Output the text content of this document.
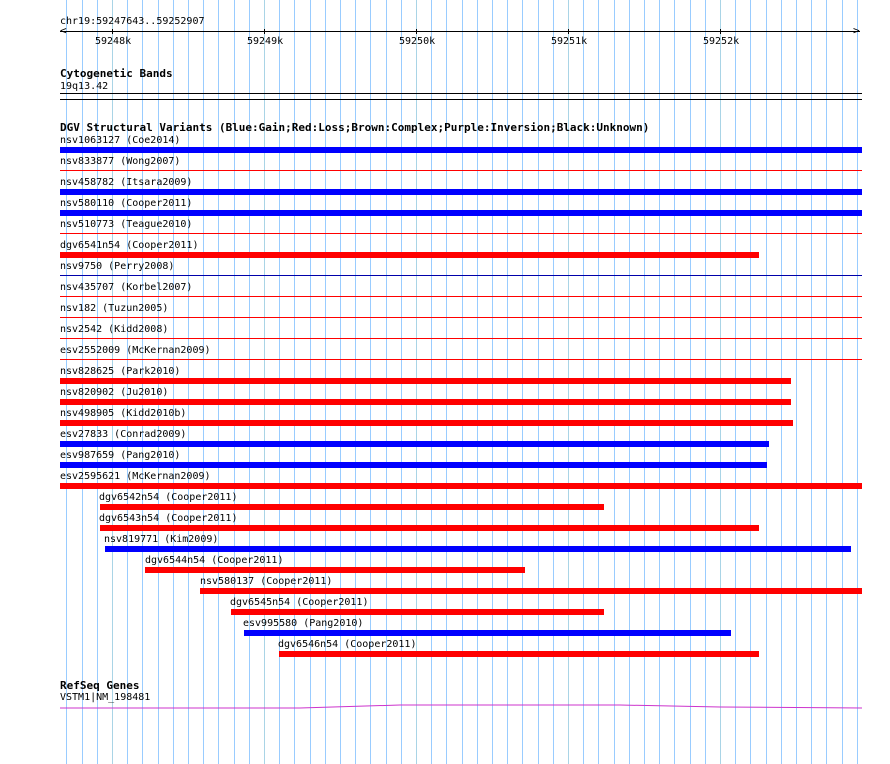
chr19:59247643..59252907
<	>
59248k	59249k	59250k	59251k	59252k
Cytogenetic Bands
19q13.42
DGV Structural Variants (Blue:Gain;Red:Loss;Brown:Complex;Purple:Inversion;Black:Unknown)
nsv1063127 (Coe2014)
nsv833877 (Wong2007)
nsv458782 (Itsara2009)
nsv580110 (Cooper2011)
nsv510773 (Teague2010)
dgv6541n54 (Cooper2011)
nsv9750 (Perry2008)
nsv435707 (Korbel2007)
nsv182 (Tuzun2005)
nsv2542 (Kidd2008)
esv2552009 (McKernan2009)
nsv828625 (Park2010)
nsv820902 (Ju2010)
nsv498905 (Kidd2010b)
esv27833 (Conrad2009)
esv987659 (Pang2010)
esv2595621 (McKernan2009)
dgv6542n54 (Cooper2011)
dgv6543n54 (Cooper2011)
nsv819771 (Kim2009)
dgv6544n54 (Cooper2011)
nsv580137 (Cooper2011)
dgv6545n54 (Cooper2011)
esv995580 (Pang2010)
dgv6546n54 (Cooper2011)
RefSeq Genes
VSTM1|NM_198481
